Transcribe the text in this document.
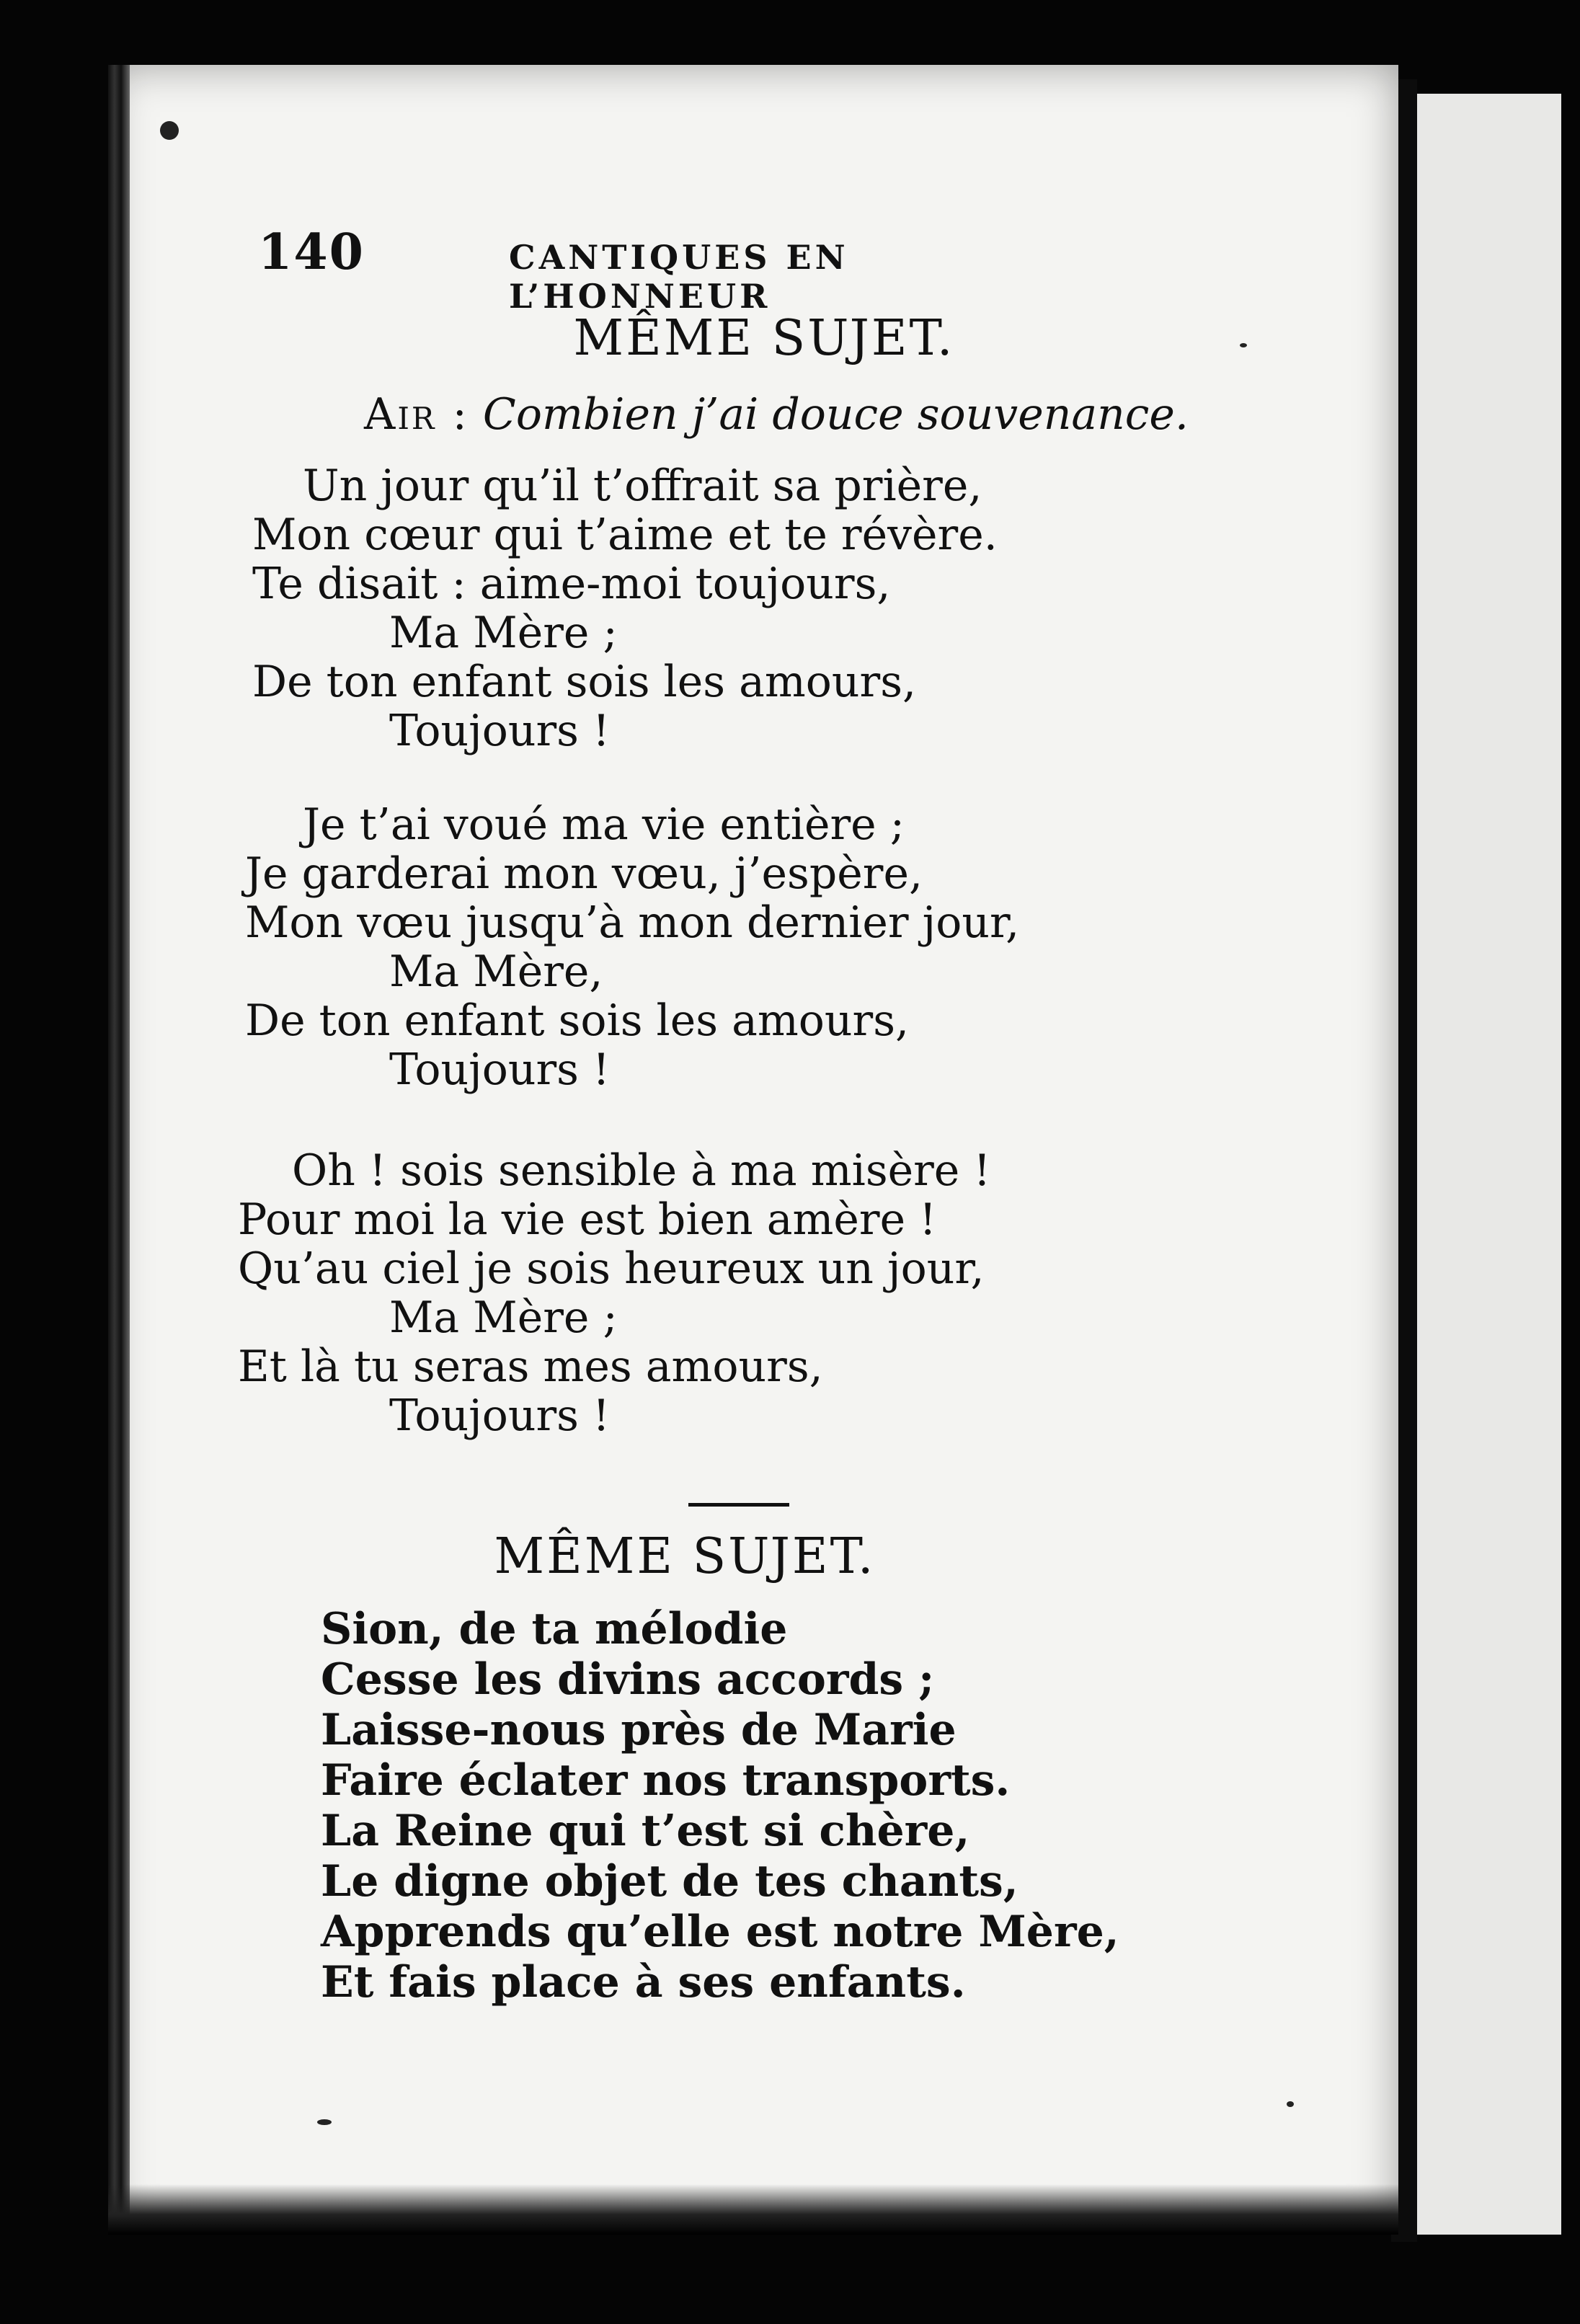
140	CANTIQUES EN L’HONNEUR
MÊME SUJET.
Air : Combien j’ai douce souvenance.
Un jour qu’il t’offrait sa prière,
Mon cœur qui t’aime et te révère.
Te disait : aime-moi toujours,
Ma Mère ;
De ton enfant sois les amours,
Toujours !
Je t’ai voué ma vie entière ;
Je garderai mon vœu, j’espère,
Mon vœu jusqu’à mon dernier jour,
Ma Mère,
De ton enfant sois les amours,
Toujours !
Oh ! sois sensible à ma misère !
Pour moi la vie est bien amère !
Qu’au ciel je sois heureux un jour,
Ma Mère ;
Et là tu seras mes amours,
Toujours !
MÊME SUJET.
Sion, de ta mélodie
Cesse les divins accords ;
Laisse-nous près de Marie
Faire éclater nos transports.
La Reine qui t’est si chère,
Le digne objet de tes chants,
Apprends qu’elle est notre Mère,
Et fais place à ses enfants.
